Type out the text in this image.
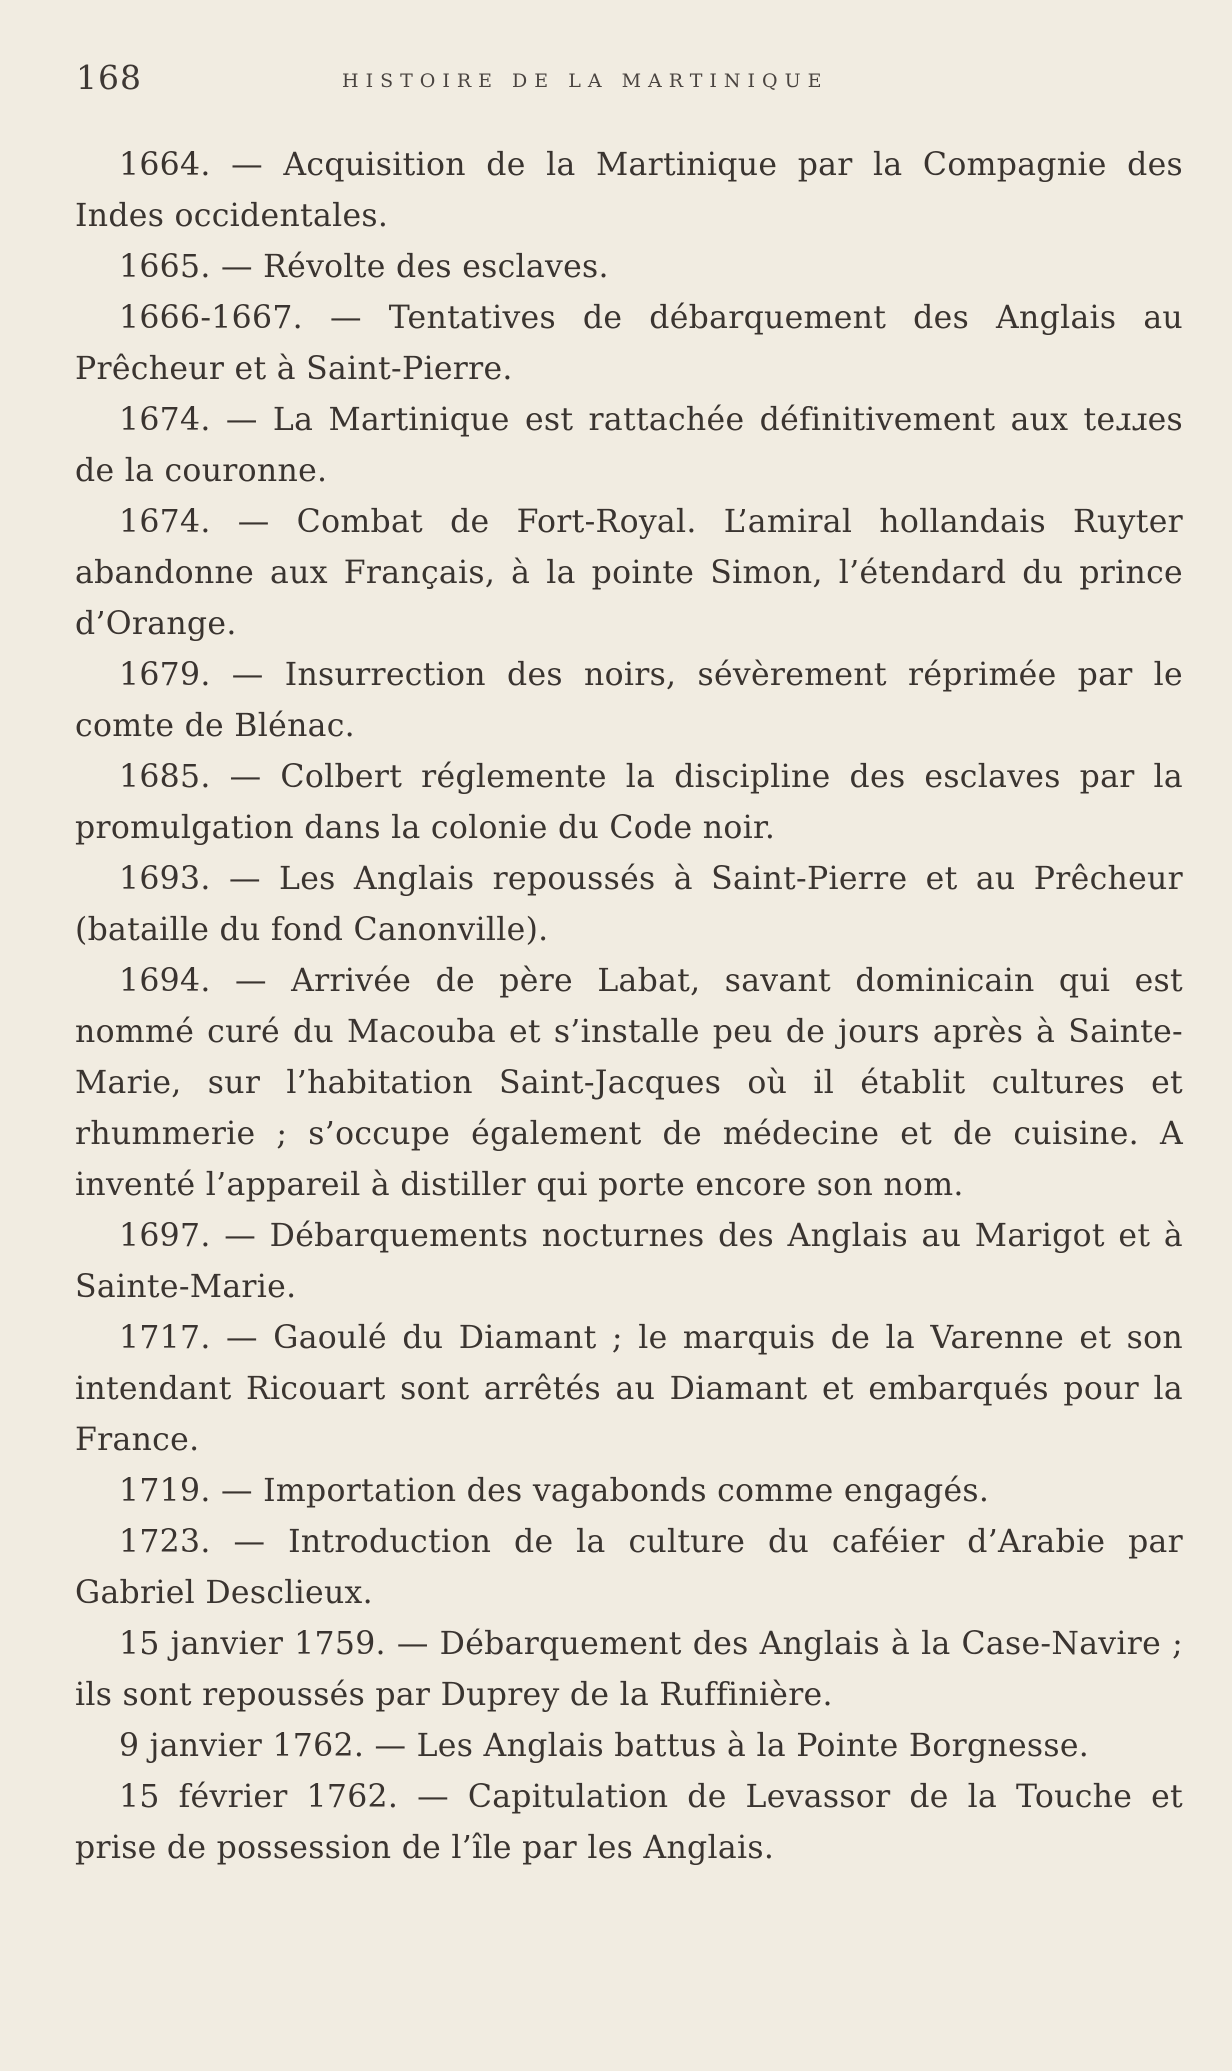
168	HISTOIRE DE LA MARTINIQUE

1664. — Acquisition de la Martinique par la Compagnie des Indes occidentales.

1665. — Révolte des esclaves.

1666-1667. — Tentatives de débarquement des Anglais au Prêcheur et à Saint-Pierre.

1674. — La Martinique est rattachée définitivement aux teɹɹes de la couronne.

1674. — Combat de Fort-Royal. L’amiral hollandais Ruyter abandonne aux Français, à la pointe Simon, l’étendard du prince d’Orange.

1679. — Insurrection des noirs, sévèrement réprimée par le comte de Blénac.

1685. — Colbert réglemente la discipline des esclaves par la promulgation dans la colonie du Code noir.

1693. — Les Anglais repoussés à Saint-Pierre et au Prêcheur (bataille du fond Canonville).

1694. — Arrivée de père Labat, savant dominicain qui est nommé curé du Macouba et s’installe peu de jours après à Sainte-Marie, sur l’habitation Saint-Jacques où il établit cultures et rhummerie ; s’occupe également de médecine et de cuisine. A inventé l’appareil à distiller qui porte encore son nom.

1697. — Débarquements nocturnes des Anglais au Marigot et à Sainte-Marie.

1717. — Gaoulé du Diamant ; le marquis de la Varenne et son intendant Ricouart sont arrêtés au Diamant et embarqués pour la France.

1719. — Importation des vagabonds comme engagés.

1723. — Introduction de la culture du caféier d’Arabie par Gabriel Desclieux.

15 janvier 1759. — Débarquement des Anglais à la Case-Navire ; ils sont repoussés par Duprey de la Ruffinière.

9 janvier 1762. — Les Anglais battus à la Pointe Borgnesse.

15 février 1762. — Capitulation de Levassor de la Touche et prise de possession de l’île par les Anglais.
